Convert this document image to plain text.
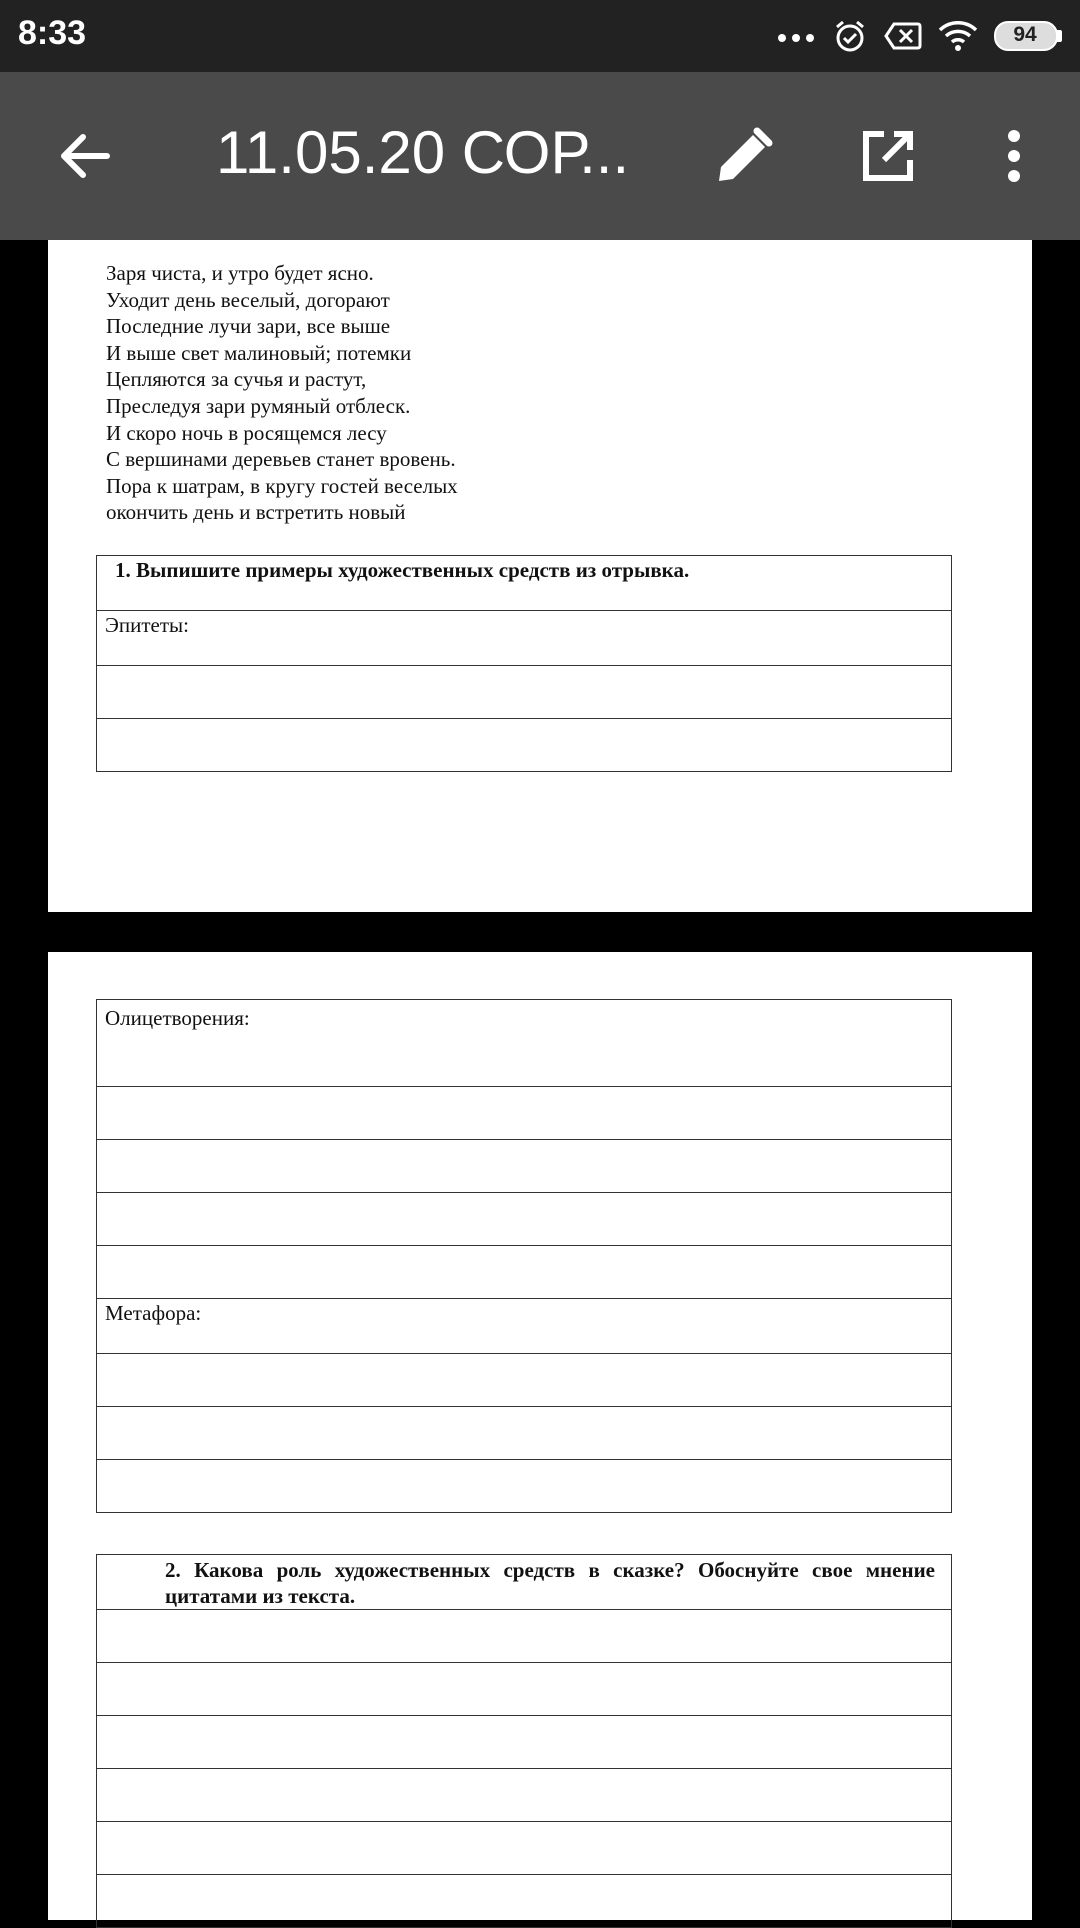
8:33	94
11.05.20 СОР...
Заря чиста, и утро будет ясно.
Уходит день веселый, догорают
Последние лучи зари, все выше
И выше свет малиновый; потемки
Цепляются за сучья и растут,
Преследуя зари румяный отблеск.
И скоро ночь в росящемся лесу
С вершинами деревьев станет вровень.
Пора к шатрам, в кругу гостей веселых
окончить день и встретить новый
1. Выпишите примеры художественных средств из отрывка.
Эпитеты:

Олицетворения:

Метафора:

2. Какова роль художественных средств в сказке? Обоснуйте свое мнение цитатами из текста.
